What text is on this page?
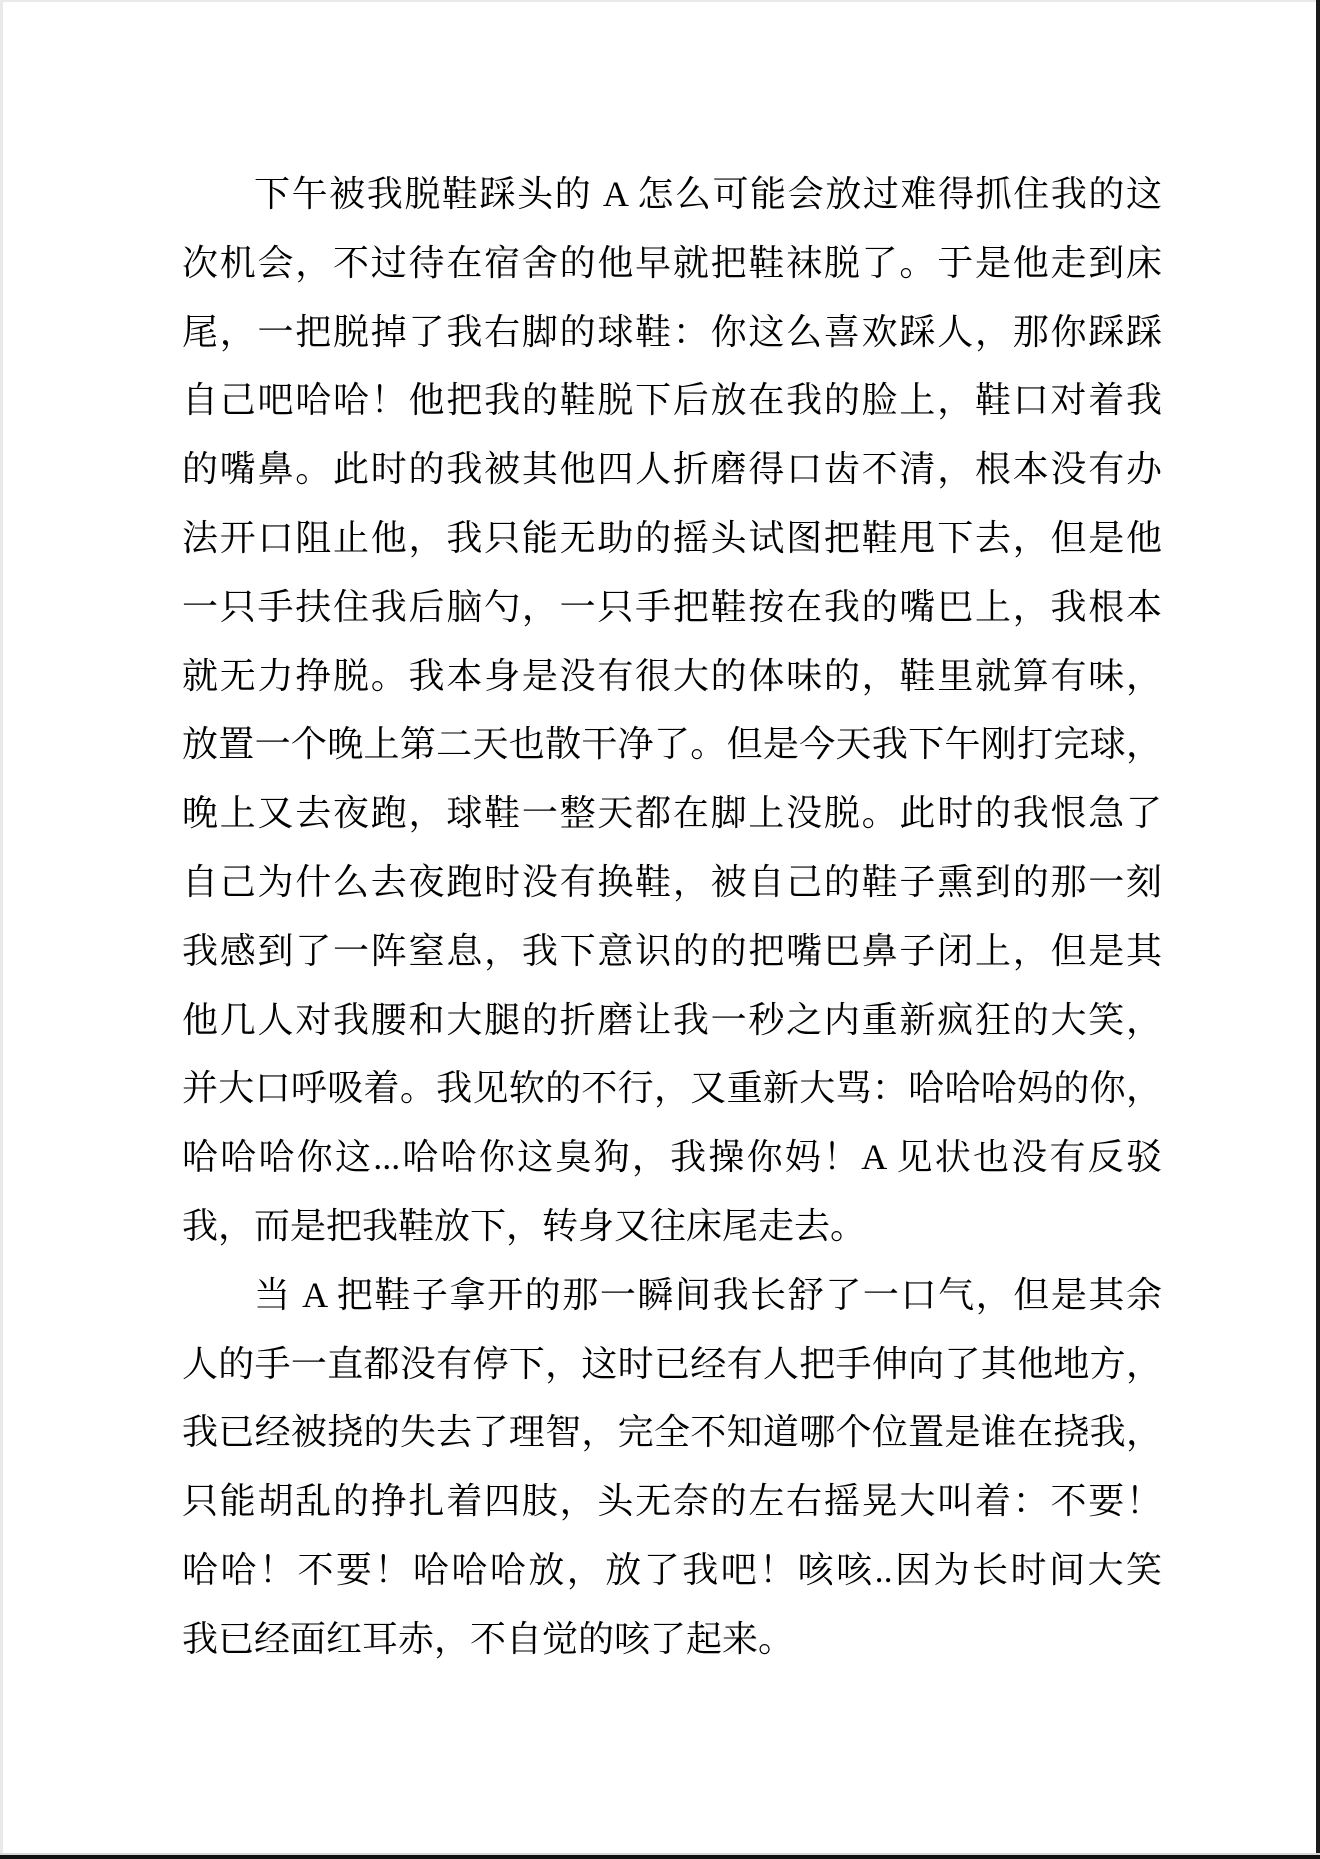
下午被我脱鞋踩头的 A 怎么可能会放过难得抓住我的这
次机会，不过待在宿舍的他早就把鞋袜脱了。于是他走到床
尾，一把脱掉了我右脚的球鞋：你这么喜欢踩人，那你踩踩
自己吧哈哈！他把我的鞋脱下后放在我的脸上，鞋口对着我
的嘴鼻。此时的我被其他四人折磨得口齿不清，根本没有办
法开口阻止他，我只能无助的摇头试图把鞋甩下去，但是他
一只手扶住我后脑勺，一只手把鞋按在我的嘴巴上，我根本
就无力挣脱。我本身是没有很大的体味的，鞋里就算有味，
放置一个晚上第二天也散干净了。但是今天我下午刚打完球，
晚上又去夜跑，球鞋一整天都在脚上没脱。此时的我恨急了
自己为什么去夜跑时没有换鞋，被自己的鞋子熏到的那一刻
我感到了一阵窒息，我下意识的的把嘴巴鼻子闭上，但是其
他几人对我腰和大腿的折磨让我一秒之内重新疯狂的大笑，
并大口呼吸着。我见软的不行，又重新大骂：哈哈哈妈的你，
哈哈哈你这...哈哈你这臭狗，我操你妈！A 见状也没有反驳
我，而是把我鞋放下，转身又往床尾走去。
当 A 把鞋子拿开的那一瞬间我长舒了一口气，但是其余
人的手一直都没有停下，这时已经有人把手伸向了其他地方，
我已经被挠的失去了理智，完全不知道哪个位置是谁在挠我，
只能胡乱的挣扎着四肢，头无奈的左右摇晃大叫着：不要！
哈哈！不要！哈哈哈放，放了我吧！咳咳..因为长时间大笑
我已经面红耳赤，不自觉的咳了起来。
